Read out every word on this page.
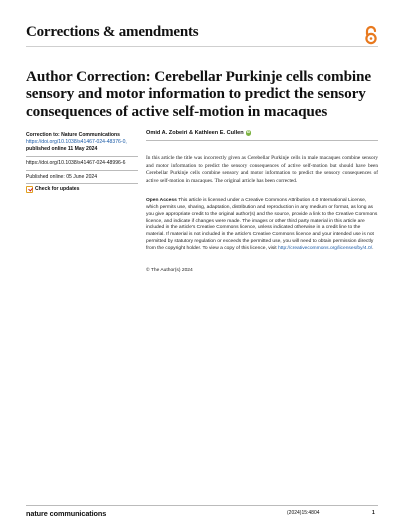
Corrections & amendments
Author Correction: Cerebellar Purkinje cells combine sensory and motor information to predict the sensory consequences of active self-motion in macaques
Correction to: Nature Communications
https://doi.org/10.1038/s41467-024-48376-0,
published online 11 May 2024
https://doi.org/10.1038/s41467-024-48996-6
Published online: 05 June 2024
Check for updates
Omid A. Zobeiri & Kathleen E. Cullen iD

In this article the title was incorrectly given as Cerebellar Purkinje cells in male macaques combine sensory and motor information to predict the sensory consequences of active self-motion but should have been Cerebellar Purkinje cells combine sensory and motor information to predict the sensory consequences of active self-motion in macaques. The original article has been corrected.

Open Access This article is licensed under a Creative Commons Attribution 4.0 International License, which permits use, sharing, adaptation, distribution and reproduction in any medium or format, as long as you give appropriate credit to the original author(s) and the source, provide a link to the Creative Commons licence, and indicate if changes were made. The images or other third party material in this article are included in the article's Creative Commons licence, unless indicated otherwise in a credit line to the material. If material is not included in the article's Creative Commons licence and your intended use is not permitted by statutory regulation or exceeds the permitted use, you will need to obtain permission directly from the copyright holder. To view a copy of this licence, visit http://creativecommons.org/licenses/by/4.0/.

© The Author(s) 2024
nature communications	(2024)15:4804	1
